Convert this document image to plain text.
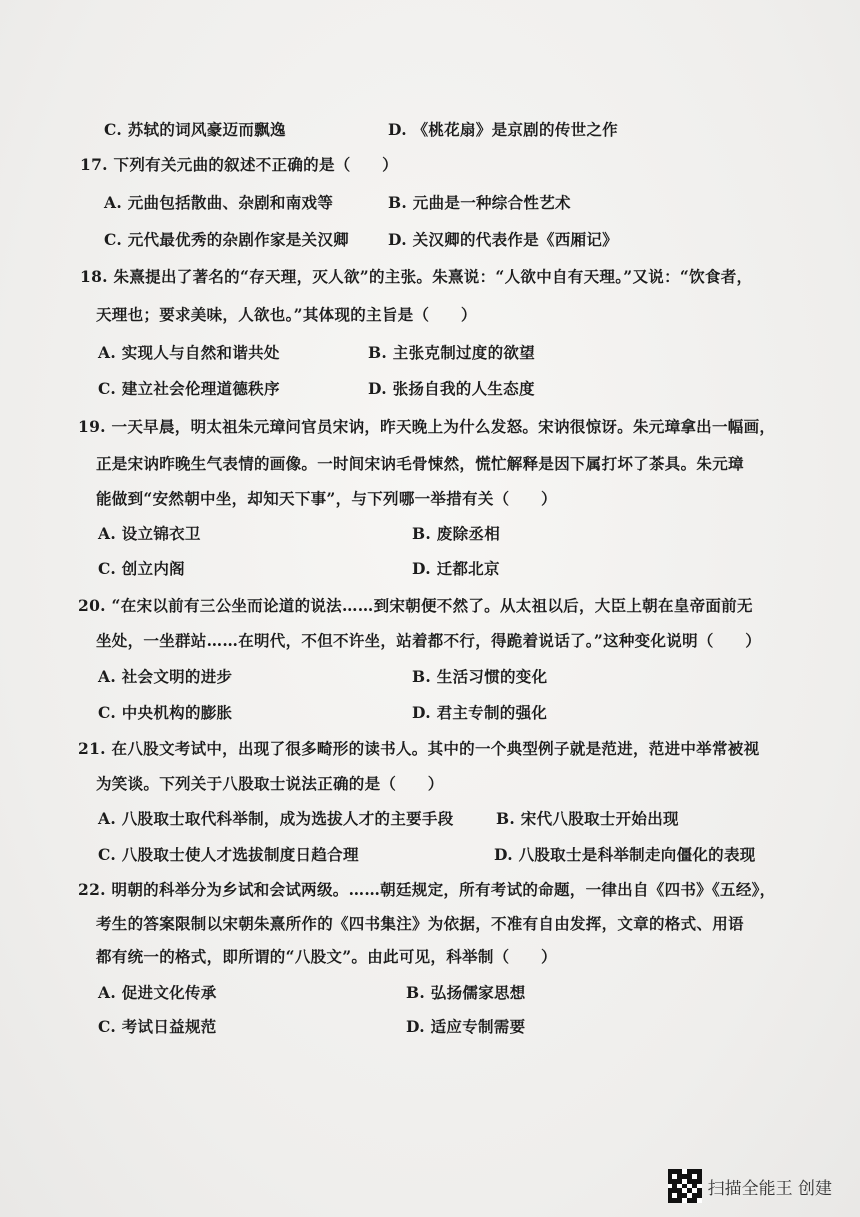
C. 苏轼的词风豪迈而飘逸	D. 《桃花扇》是京剧的传世之作
17. 下列有关元曲的叙述不正确的是（　　）
A. 元曲包括散曲、杂剧和南戏等	B. 元曲是一种综合性艺术
C. 元代最优秀的杂剧作家是关汉卿	D. 关汉卿的代表作是《西厢记》
18. 朱熹提出了著名的“存天理，灭人欲”的主张。朱熹说：“人欲中自有天理。”又说：“饮食者，
天理也；要求美味，人欲也。”其体现的主旨是（　　）
A. 实现人与自然和谐共处	B. 主张克制过度的欲望
C. 建立社会伦理道德秩序	D. 张扬自我的人生态度
19. 一天早晨，明太祖朱元璋问官员宋讷，昨天晚上为什么发怒。宋讷很惊讶。朱元璋拿出一幅画，
正是宋讷昨晚生气表情的画像。一时间宋讷毛骨悚然，慌忙解释是因下属打坏了茶具。朱元璋
能做到“安然朝中坐，却知天下事”，与下列哪一举措有关（　　）
A. 设立锦衣卫	B. 废除丞相
C. 创立内阁	D. 迁都北京
20. “在宋以前有三公坐而论道的说法……到宋朝便不然了。从太祖以后，大臣上朝在皇帝面前无
坐处，一坐群站……在明代，不但不许坐，站着都不行，得跪着说话了。”这种变化说明（　　）
A. 社会文明的进步	B. 生活习惯的变化
C. 中央机构的膨胀	D. 君主专制的强化
21. 在八股文考试中，出现了很多畸形的读书人。其中的一个典型例子就是范进，范进中举常被视
为笑谈。下列关于八股取士说法正确的是（　　）
A. 八股取士取代科举制，成为选拔人才的主要手段	B. 宋代八股取士开始出现
C. 八股取士使人才选拔制度日趋合理	D. 八股取士是科举制走向僵化的表现
22. 明朝的科举分为乡试和会试两级。……朝廷规定，所有考试的命题，一律出自《四书》《五经》，
考生的答案限制以宋朝朱熹所作的《四书集注》为依据，不准有自由发挥，文章的格式、用语
都有统一的格式，即所谓的“八股文”。由此可见，科举制（　　）
A. 促进文化传承	B. 弘扬儒家思想
C. 考试日益规范	D. 适应专制需要
扫描全能王 创建
